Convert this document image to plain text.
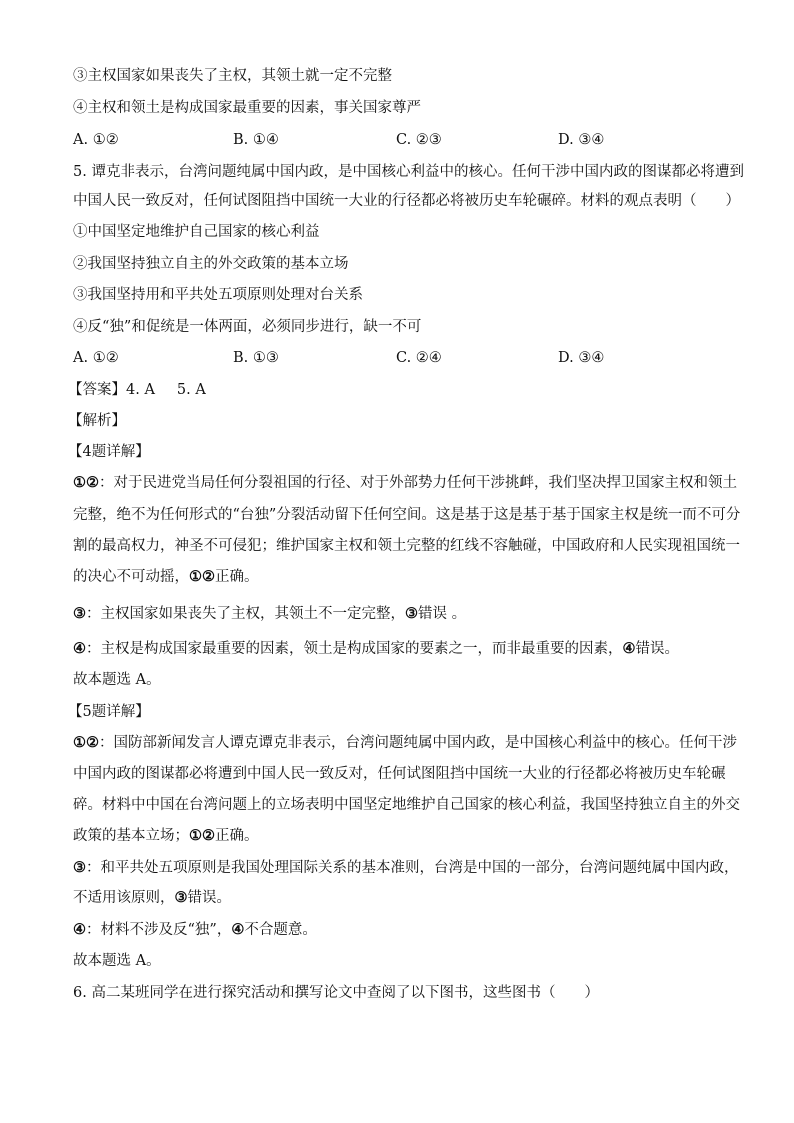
③主权国家如果丧失了主权，其领土就一定不完整
④主权和领土是构成国家最重要的因素，事关国家尊严
A. ①②	B. ①④	C. ②③	D. ③④
5. 谭克非表示，台湾问题纯属中国内政，是中国核心利益中的核心。任何干涉中国内政的图谋都必将遭到
中国人民一致反对，任何试图阻挡中国统一大业的行径都必将被历史车轮碾碎。材料的观点表明（　　）
①中国坚定地维护自己国家的核心利益
②我国坚持独立自主的外交政策的基本立场
③我国坚持用和平共处五项原则处理对台关系
④反“独”和促统是一体两面，必须同步进行，缺一不可
A. ①②	B. ①③	C. ②④	D. ③④
【答案】4. A 5. A
【解析】
【4题详解】
①②：对于民进党当局任何分裂祖国的行径、对于外部势力任何干涉挑衅，我们坚决捍卫国家主权和领土
完整，绝不为任何形式的“台独”分裂活动留下任何空间。这是基于这是基于基于国家主权是统一而不可分
割的最高权力，神圣不可侵犯；维护国家主权和领土完整的红线不容触碰，中国政府和人民实现祖国统一
的决心不可动摇，①②正确。
③：主权国家如果丧失了主权，其领土不一定完整，③错误 。
④：主权是构成国家最重要的因素，领土是构成国家的要素之一，而非最重要的因素，④错误。
故本题选 A。
【5题详解】
①②：国防部新闻发言人谭克谭克非表示，台湾问题纯属中国内政，是中国核心利益中的核心。任何干涉
中国内政的图谋都必将遭到中国人民一致反对，任何试图阻挡中国统一大业的行径都必将被历史车轮碾
碎。材料中中国在台湾问题上的立场表明中国坚定地维护自己国家的核心利益，我国坚持独立自主的外交
政策的基本立场；①②正确。
③：和平共处五项原则是我国处理国际关系的基本准则，台湾是中国的一部分，台湾问题纯属中国内政，
不适用该原则，③错误。
④：材料不涉及反“独”，④不合题意。
故本题选 A。
6. 高二某班同学在进行探究活动和撰写论文中查阅了以下图书，这些图书（　　）
